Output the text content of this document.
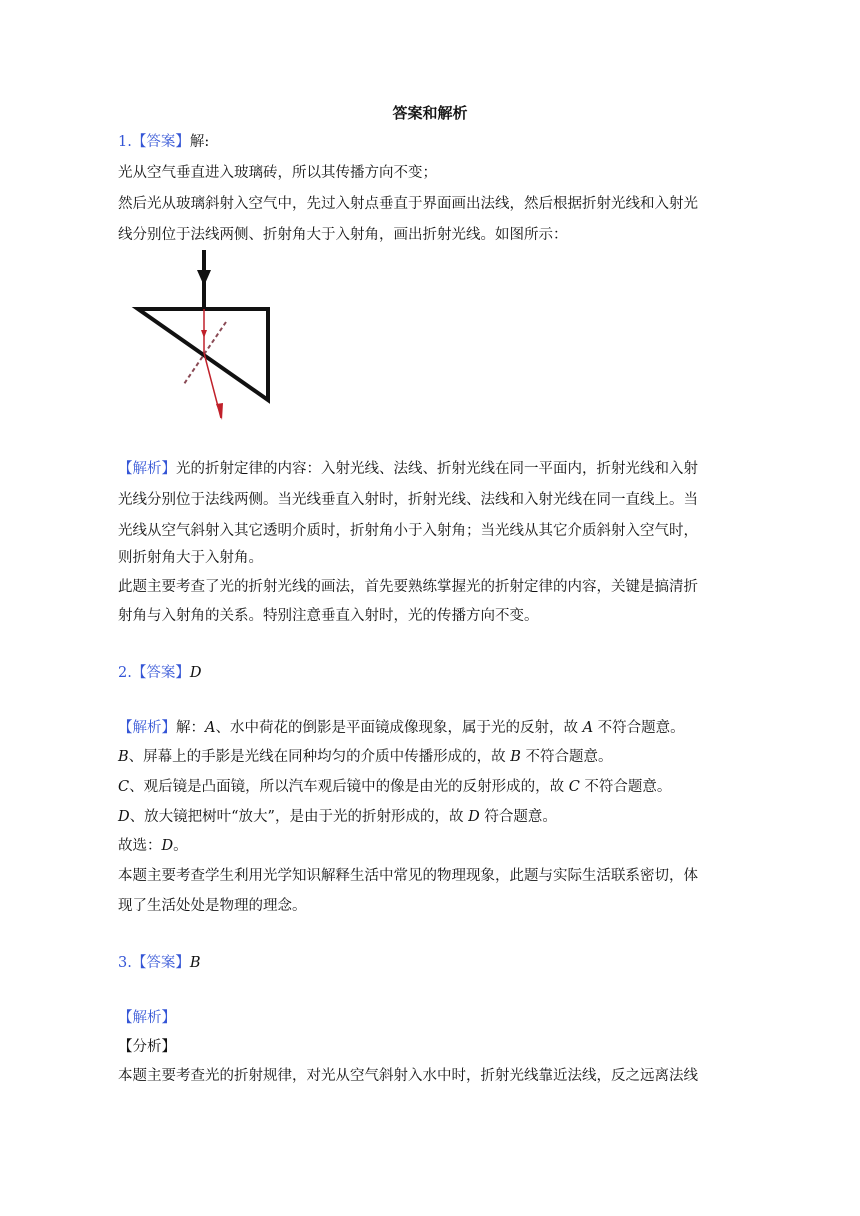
答案和解析
1.【答案】解:
光从空气垂直进入玻璃砖，所以其传播方向不变；
然后光从玻璃斜射入空气中，先过入射点垂直于界面画出法线，然后根据折射光线和入射光
线分别位于法线两侧、折射角大于入射角，画出折射光线。如图所示：
【解析】光的折射定律的内容：入射光线、法线、折射光线在同一平面内，折射光线和入射
光线分别位于法线两侧。当光线垂直入射时，折射光线、法线和入射光线在同一直线上。当
光线从空气斜射入其它透明介质时，折射角小于入射角；当光线从其它介质斜射入空气时，
则折射角大于入射角。
此题主要考查了光的折射光线的画法，首先要熟练掌握光的折射定律的内容，关键是搞清折
射角与入射角的关系。特别注意垂直入射时，光的传播方向不变。
2.【答案】D
【解析】解：A、水中荷花的倒影是平面镜成像现象，属于光的反射，故 A 不符合题意。
B、屏幕上的手影是光线在同种均匀的介质中传播形成的，故 B 不符合题意。
C、观后镜是凸面镜，所以汽车观后镜中的像是由光的反射形成的，故 C 不符合题意。
D、放大镜把树叶“放大”，是由于光的折射形成的，故 D 符合题意。
故选：D。
本题主要考查学生利用光学知识解释生活中常见的物理现象，此题与实际生活联系密切，体
现了生活处处是物理的理念。
3.【答案】B
【解析】
【分析】
本题主要考查光的折射规律，对光从空气斜射入水中时，折射光线靠近法线，反之远离法线
